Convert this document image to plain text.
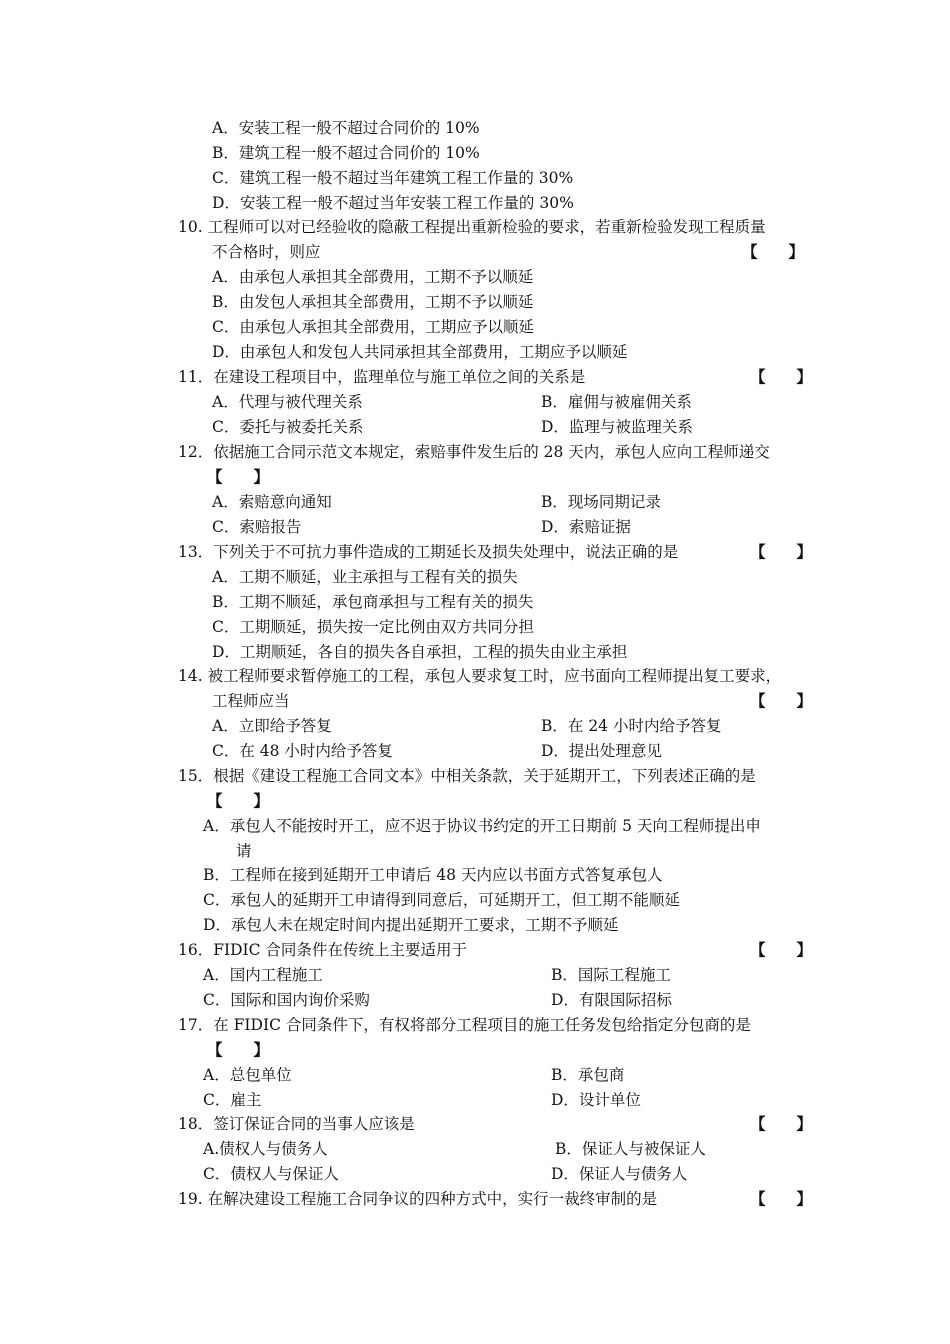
A．安装工程一般不超过合同价的 10%
B．建筑工程一般不超过合同价的 10%
C．建筑工程一般不超过当年建筑工程工作量的 30%
D．安装工程一般不超过当年安装工程工作量的 30%
10. 工程师可以对已经验收的隐蔽工程提出重新检验的要求，若重新检验发现工程质量
不合格时，则应	【　　】
A．由承包人承担其全部费用，工期不予以顺延
B．由发包人承担其全部费用，工期不予以顺延
C．由承包人承担其全部费用，工期应予以顺延
D．由承包人和发包人共同承担其全部费用，工期应予以顺延
11．在建设工程项目中，监理单位与施工单位之间的关系是	【　　】
A．代理与被代理关系	B．雇佣与被雇佣关系
C．委托与被委托关系	D．监理与被监理关系
12．依据施工合同示范文本规定，索赔事件发生后的 28 天内，承包人应向工程师递交
【　　】
A．索赔意向通知	B．现场同期记录
C．索赔报告	D．索赔证据
13．下列关于不可抗力事件造成的工期延长及损失处理中，说法正确的是	【　　】
A．工期不顺延，业主承担与工程有关的损失
B．工期不顺延，承包商承担与工程有关的损失
C．工期顺延，损失按一定比例由双方共同分担
D．工期顺延，各自的损失各自承担，工程的损失由业主承担
14. 被工程师要求暂停施工的工程，承包人要求复工时，应书面向工程师提出复工要求，
工程师应当	【　　】
A．立即给予答复	B．在 24 小时内给予答复
C．在 48 小时内给予答复	D．提出处理意见
15．根据《建设工程施工合同文本》中相关条款，关于延期开工，下列表述正确的是
【　　】
A．承包人不能按时开工，应不迟于协议书约定的开工日期前 5 天向工程师提出申
请
B．工程师在接到延期开工申请后 48 天内应以书面方式答复承包人
C．承包人的延期开工申请得到同意后，可延期开工，但工期不能顺延
D．承包人未在规定时间内提出延期开工要求，工期不予顺延
16．FIDIC 合同条件在传统上主要适用于	【　　】
A．国内工程施工	B．国际工程施工
C．国际和国内询价采购	D．有限国际招标
17．在 FIDIC 合同条件下，有权将部分工程项目的施工任务发包给指定分包商的是
【　　】
A．总包单位	B．承包商
C．雇主	D．设计单位
18．签订保证合同的当事人应该是	【　　】
A.债权人与债务人	B．保证人与被保证人
C．债权人与保证人	D．保证人与债务人
19. 在解决建设工程施工合同争议的四种方式中，实行一裁终审制的是	【　　】
